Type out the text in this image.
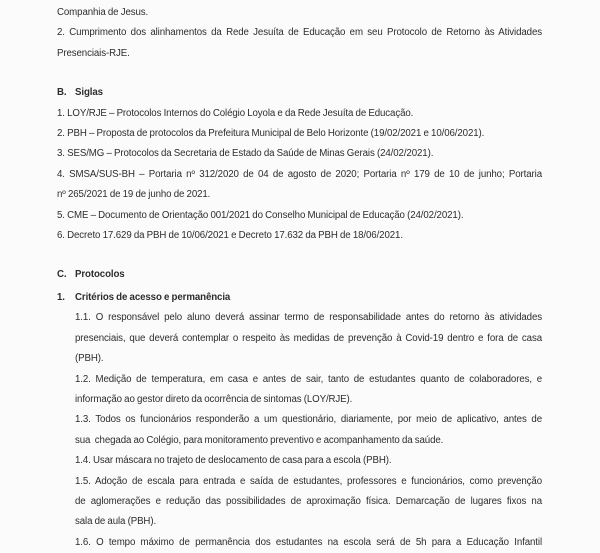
Companhia de Jesus.
2. Cumprimento dos alinhamentos da Rede Jesuíta de Educação em seu Protocolo de Retorno às Atividades
Presenciais-RJE.
B. Siglas
1. LOY/RJE – Protocolos Internos do Colégio Loyola e da Rede Jesuíta de Educação.
2. PBH – Proposta de protocolos da Prefeitura Municipal de Belo Horizonte (19/02/2021 e 10/06/2021).
3. SES/MG – Protocolos da Secretaria de Estado da Saúde de Minas Gerais (24/02/2021).
4. SMSA/SUS-BH – Portaria nº 312/2020 de 04 de agosto de 2020; Portaria nº 179 de 10 de junho; Portaria
nº 265/2021 de 19 de junho de 2021.
5. CME – Documento de Orientação 001/2021 do Conselho Municipal de Educação (24/02/2021).
6. Decreto 17.629 da PBH de 10/06/2021 e Decreto 17.632 da PBH de 18/06/2021.
C. Protocolos
1.	Critérios de acesso e permanência
1.1. O responsável pelo aluno deverá assinar termo de responsabilidade antes do retorno às atividades
presenciais, que deverá contemplar o respeito às medidas de prevenção à Covid-19 dentro e fora de casa
(PBH).
1.2. Medição de temperatura, em casa e antes de sair, tanto de estudantes quanto de colaboradores, e
informação ao gestor direto da ocorrência de sintomas (LOY/RJE).
1.3. Todos os funcionários responderão a um questionário, diariamente, por meio de aplicativo, antes de
sua  chegada ao Colégio, para monitoramento preventivo e acompanhamento da saúde.
1.4. Usar máscara no trajeto de deslocamento de casa para a escola (PBH).
1.5. Adoção de escala para entrada e saída de estudantes, professores e funcionários, como prevenção
de aglomerações e redução das possibilidades de aproximação física. Demarcação de lugares fixos na
sala de aula (PBH).
1.6. O tempo máximo de permanência dos estudantes na escola será de 5h para a Educação Infantil
